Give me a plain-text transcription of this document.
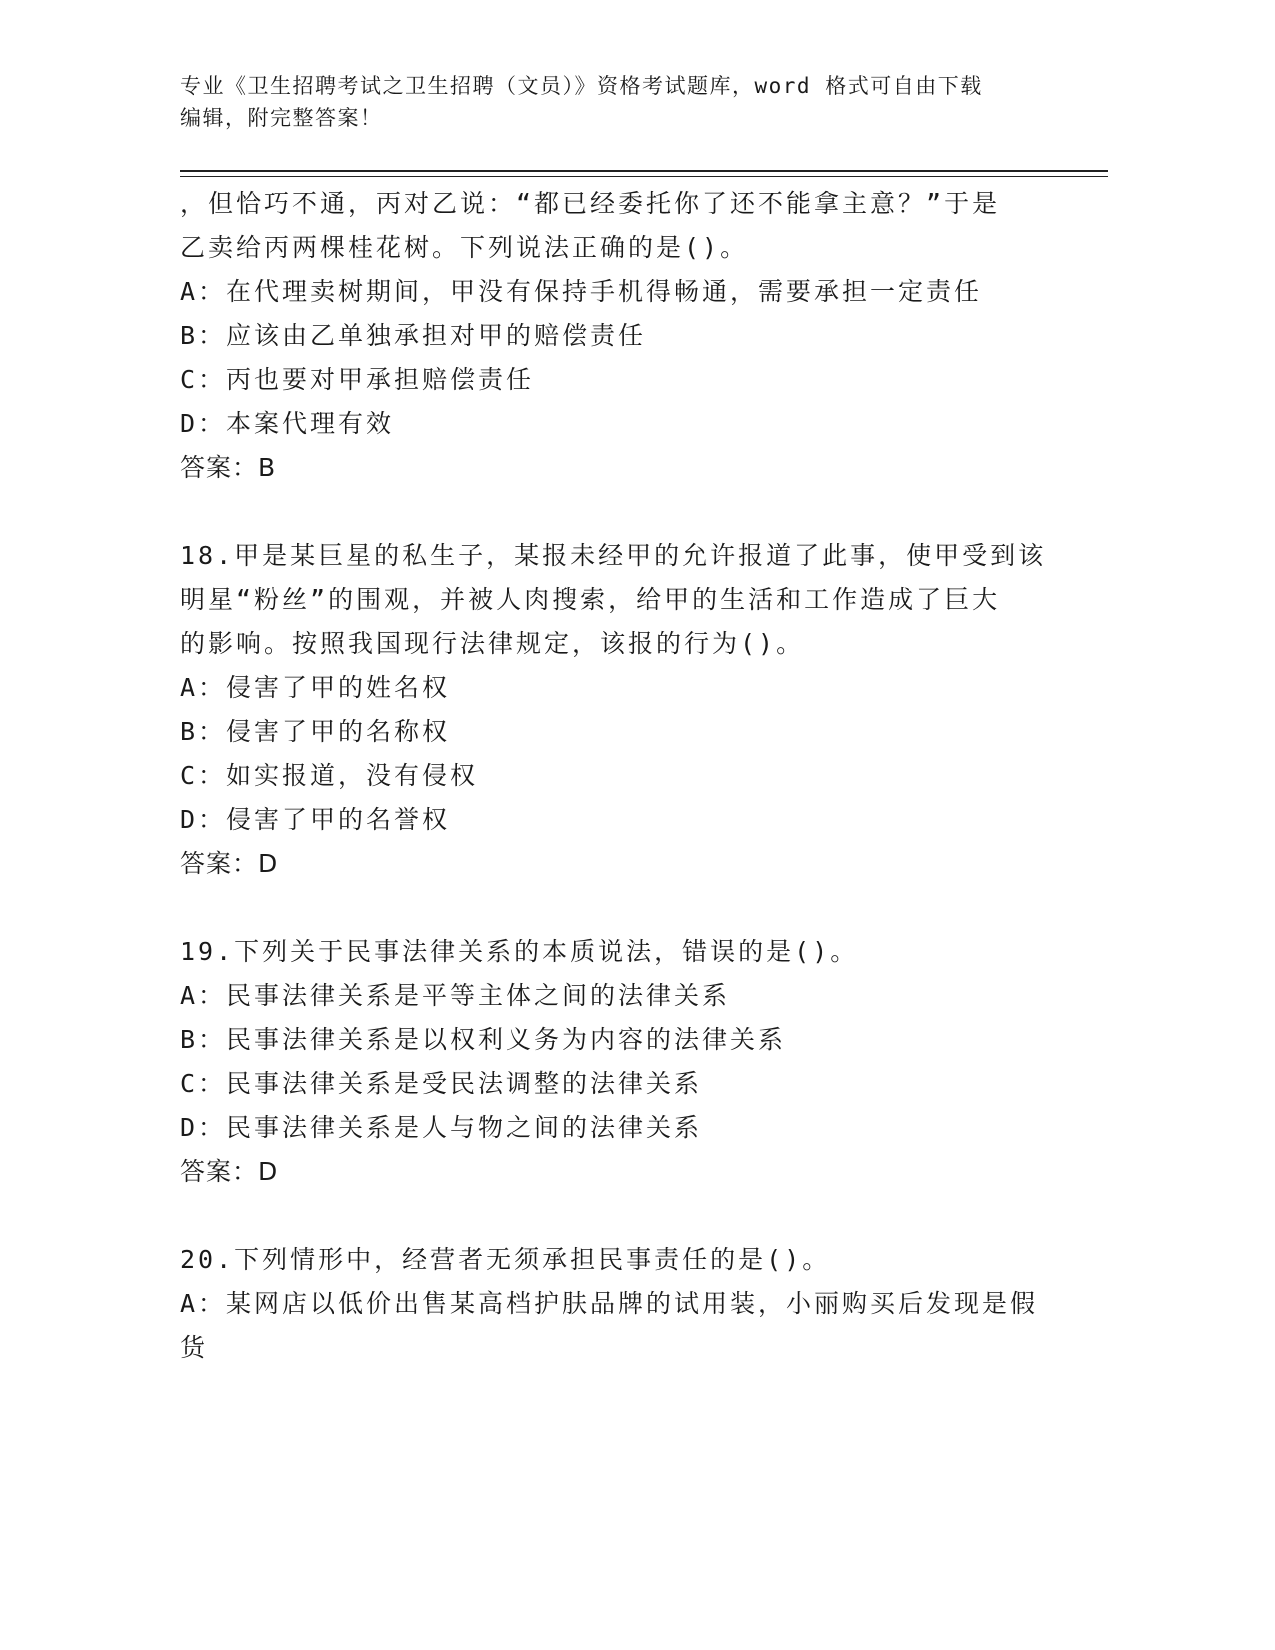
专业《卫生招聘考试之卫生招聘（文员）》资格考试题库，word 格式可自由下载
编辑，附完整答案！
，但恰巧不通，丙对乙说：“都已经委托你了还不能拿主意？”于是
乙卖给丙两棵桂花树。下列说法正确的是()。
A：在代理卖树期间，甲没有保持手机得畅通，需要承担一定责任
B：应该由乙单独承担对甲的赔偿责任
C：丙也要对甲承担赔偿责任
D：本案代理有效
答案：B
18.甲是某巨星的私生子，某报未经甲的允许报道了此事，使甲受到该
明星“粉丝”的围观，并被人肉搜索，给甲的生活和工作造成了巨大
的影响。按照我国现行法律规定，该报的行为()。
A：侵害了甲的姓名权
B：侵害了甲的名称权
C：如实报道，没有侵权
D：侵害了甲的名誉权
答案：D
19.下列关于民事法律关系的本质说法，错误的是()。
A：民事法律关系是平等主体之间的法律关系
B：民事法律关系是以权利义务为内容的法律关系
C：民事法律关系是受民法调整的法律关系
D：民事法律关系是人与物之间的法律关系
答案：D
20.下列情形中，经营者无须承担民事责任的是()。
A：某网店以低价出售某高档护肤品牌的试用装，小丽购买后发现是假
货
